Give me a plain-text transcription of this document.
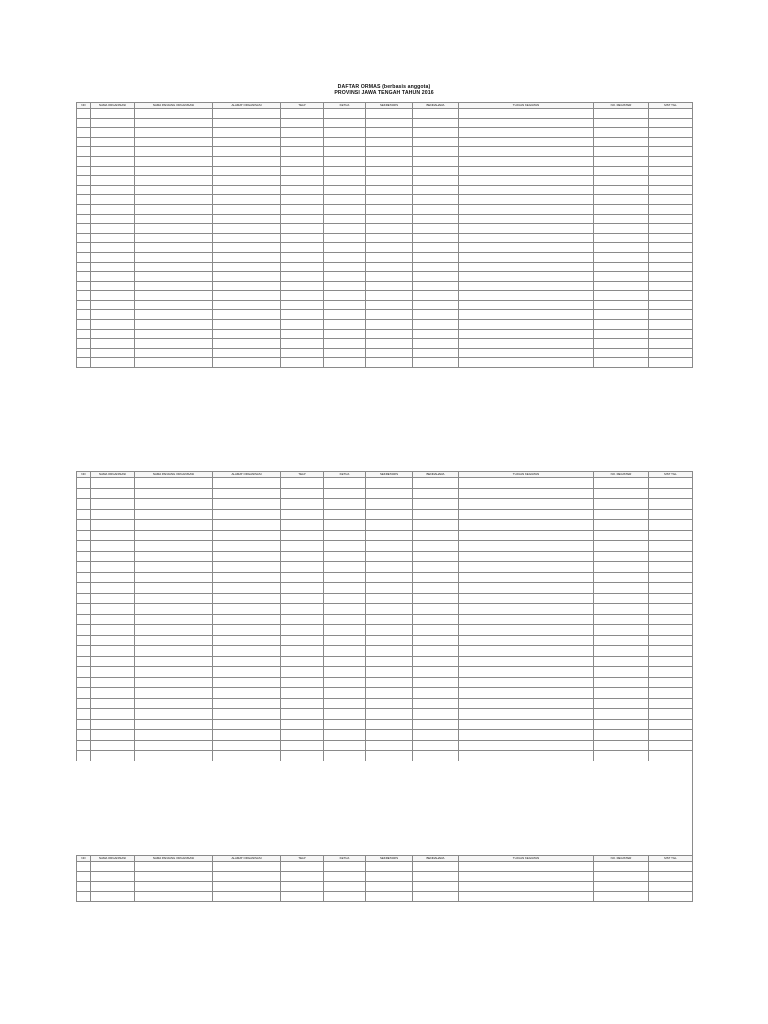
DAFTAR ORMAS (berbasis anggota)
PROVINSI JAWA TENGAH TAHUN 2016
NO	NAMA ORGANISASI	NAMA PANJANG ORGANISASI	ALAMAT ORGANISASI	TELP	KETUA	SEKRETARIS	BENDAHARA	TUJUAN KEGIATAN	NO. REGISTER	MST TGL

NO	NAMA ORGANISASI	NAMA PANJANG ORGANISASI	ALAMAT ORGANISASI	TELP	KETUA	SEKRETARIS	BENDAHARA	TUJUAN KEGIATAN	NO. REGISTER	MST TGL

NO	NAMA ORGANISASI	NAMA PANJANG ORGANISASI	ALAMAT ORGANISASI	TELP	KETUA	SEKRETARIS	BENDAHARA	TUJUAN KEGIATAN	NO. REGISTER	MST TGL
